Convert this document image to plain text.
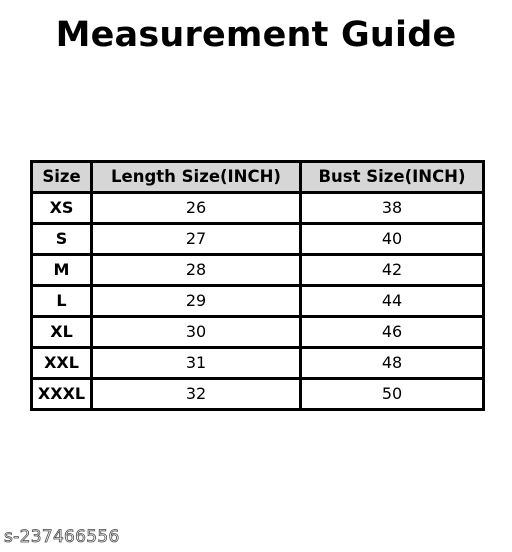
Measurement Guide
Size	Length Size(INCH)	Bust Size(INCH)
XS	26	38
S	27	40
M	28	42
L	29	44
XL	30	46
XXL	31	48
XXXL	32	50
s-237466556
